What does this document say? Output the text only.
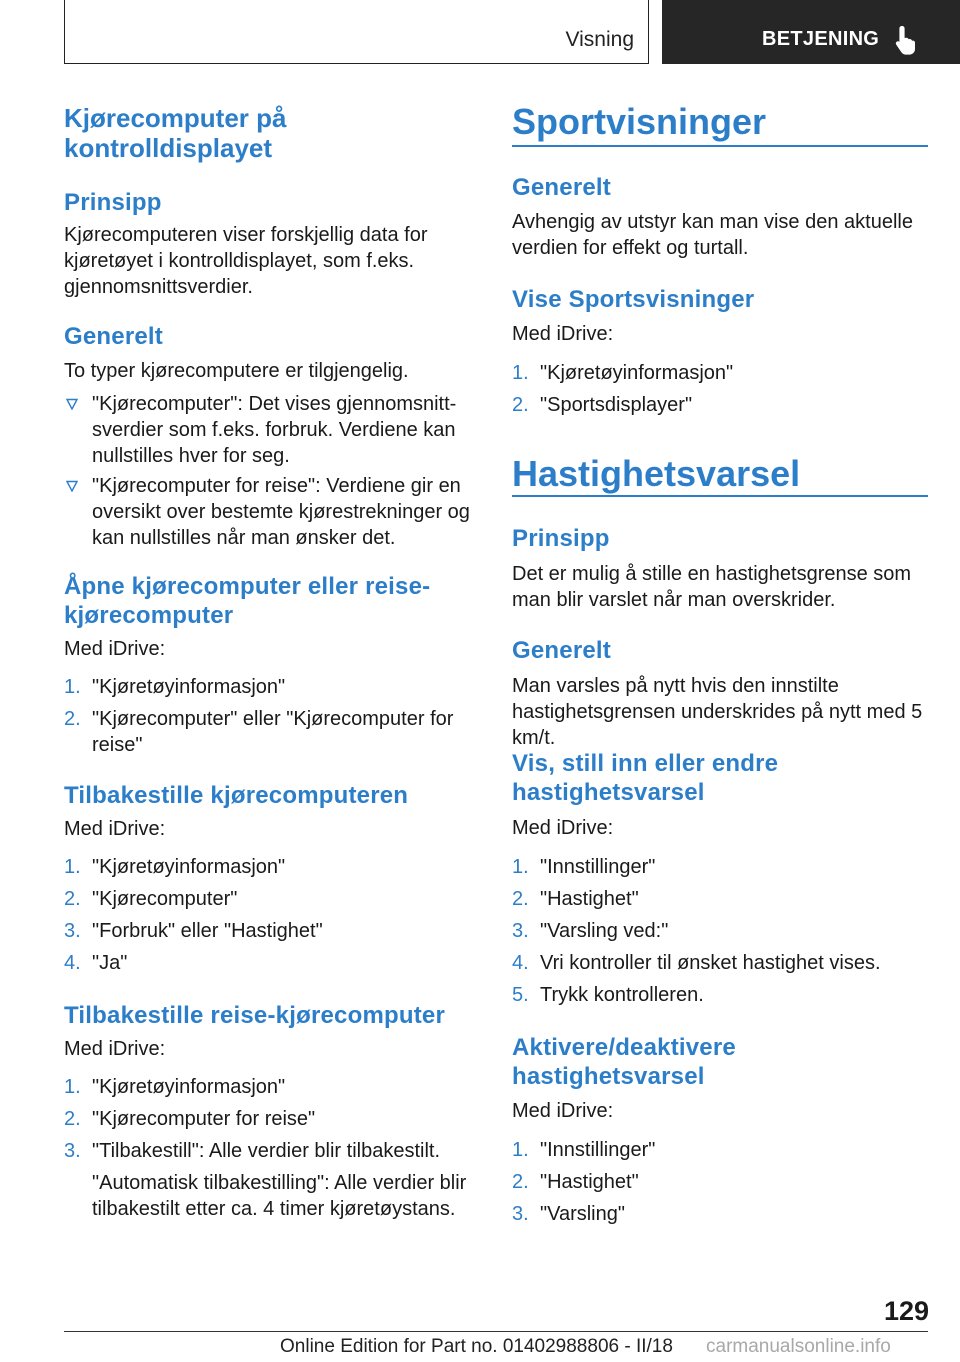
Visning	BETJENING
Kjørecomputer på kontrolldisplayet
Prinsipp
Kjørecomputeren viser forskjellig data for kjøretøyet i kontrolldisplayet, som f.eks. gjennomsnittsverdier.
Generelt
To typer kjørecomputere er tilgjengelig.
"Kjørecomputer": Det vises gjennomsnittsverdier som f.eks. forbruk. Verdiene kan nullstilles hver for seg.
"Kjørecomputer for reise": Verdiene gir en oversikt over bestemte kjørestrekninger og kan nullstilles når man ønsker det.
Åpne kjørecomputer eller reisekjørecomputer
Med iDrive:
1. "Kjøretøyinformasjon"
2. "Kjørecomputer" eller "Kjørecomputer for reise"
Tilbakestille kjørecomputeren
Med iDrive:
1. "Kjøretøyinformasjon"
2. "Kjørecomputer"
3. "Forbruk" eller "Hastighet"
4. "Ja"
Tilbakestille reise-kjørecomputer
Med iDrive:
1. "Kjøretøyinformasjon"
2. "Kjørecomputer for reise"
3. "Tilbakestill": Alle verdier blir tilbakestilt.
"Automatisk tilbakestilling": Alle verdier blir tilbakestilt etter ca. 4 timer kjøretøystans.
Sportvisninger
Generelt
Avhengig av utstyr kan man vise den aktuelle verdien for effekt og turtall.
Vise Sportsvisninger
Med iDrive:
1. "Kjøretøyinformasjon"
2. "Sportsdisplayer"
Hastighetsvarsel
Prinsipp
Det er mulig å stille en hastighetsgrense som man blir varslet når man overskrider.
Generelt
Man varsles på nytt hvis den innstilte hastighetsgrensen underskrides på nytt med 5 km/t.
Vis, still inn eller endre hastighetsvarsel
Med iDrive:
1. "Innstillinger"
2. "Hastighet"
3. "Varsling ved:"
4. Vri kontroller til ønsket hastighet vises.
5. Trykk kontrolleren.
Aktivere/deaktivere hastighetsvarsel
Med iDrive:
1. "Innstillinger"
2. "Hastighet"
3. "Varsling"
129
Online Edition for Part no. 01402988806 - II/18 carmanualsonline.info
